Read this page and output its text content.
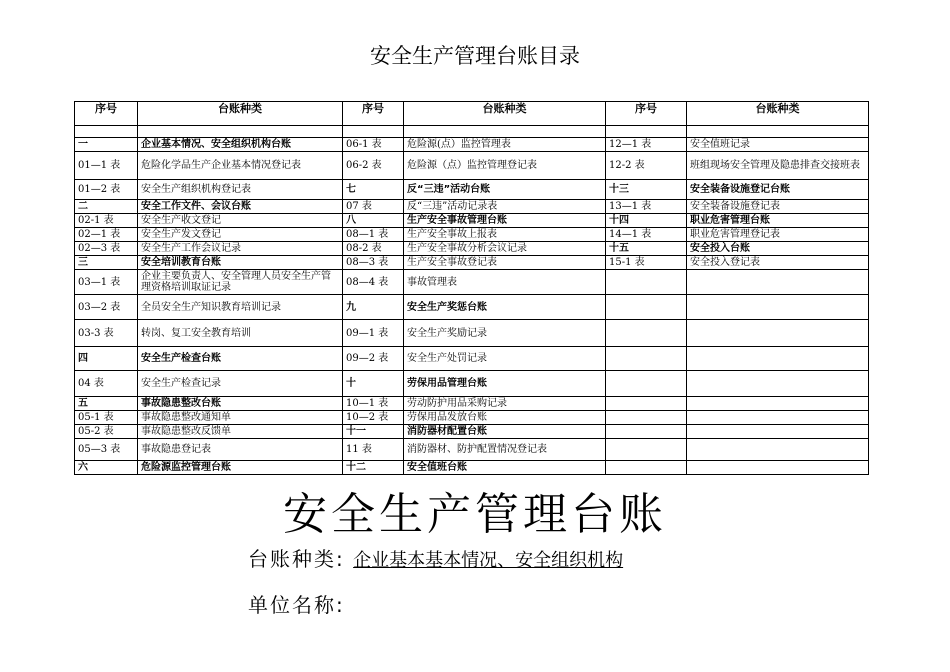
安全生产管理台账目录
序号	台账种类	序号	台账种类	序号	台账种类

一	企业基本情况、安全组织机构台账	06-1 表	危险源(点）监控管理表	12—1 表	安全值班记录
01—1 表	危险化学品生产企业基本情况登记表	06-2 表	危险源（点）监控管理登记表	12-2 表	班组现场安全管理及隐患排查交接班表
01—2 表	安全生产组织机构登记表	七	反“三违”活动台账	十三	安全装备设施登记台账
二	安全工作文件、会议台账	07 表	反“三违”活动记录表	13—1 表	安全装备设施登记表
02-1 表	安全生产收文登记	八	生产安全事故管理台账	十四	职业危害管理台账
02—1 表	安全生产发文登记	08—1 表	生产安全事故上报表	14—1 表	职业危害管理登记表
02—3 表	安全生产工作会议记录	08-2 表	生产安全事故分析会议记录	十五	安全投入台账
三	安全培训教育台账	08—3 表	生产安全事故登记表	15-1 表	安全投入登记表
03—1 表	企业主要负责人、安全管理人员安全生产管理资格培训取证记录	08—4 表	事故管理表		
03—2 表	全员安全生产知识教育培训记录	九	安全生产奖惩台账		
03-3 表	转岗、复工安全教育培训	09—1 表	安全生产奖励记录		
四	安全生产检查台账	09—2 表	安全生产处罚记录		
04 表	安全生产检查记录	十	劳保用品管理台账		
五	事故隐患整改台账	10—1 表	劳动防护用品采购记录		
05-1 表	事故隐患整改通知单	10—2 表	劳保用品发放台账		
05-2 表	事故隐患整改反馈单	十一	消防器材配置台账		
05—3 表	事故隐患登记表	11 表	消防器材、防护配置情况登记表		
六	危险源监控管理台账	十二	安全值班台账		
安全生产管理台账
台账种类: 企业基本基本情况、安全组织机构
单位名称:
